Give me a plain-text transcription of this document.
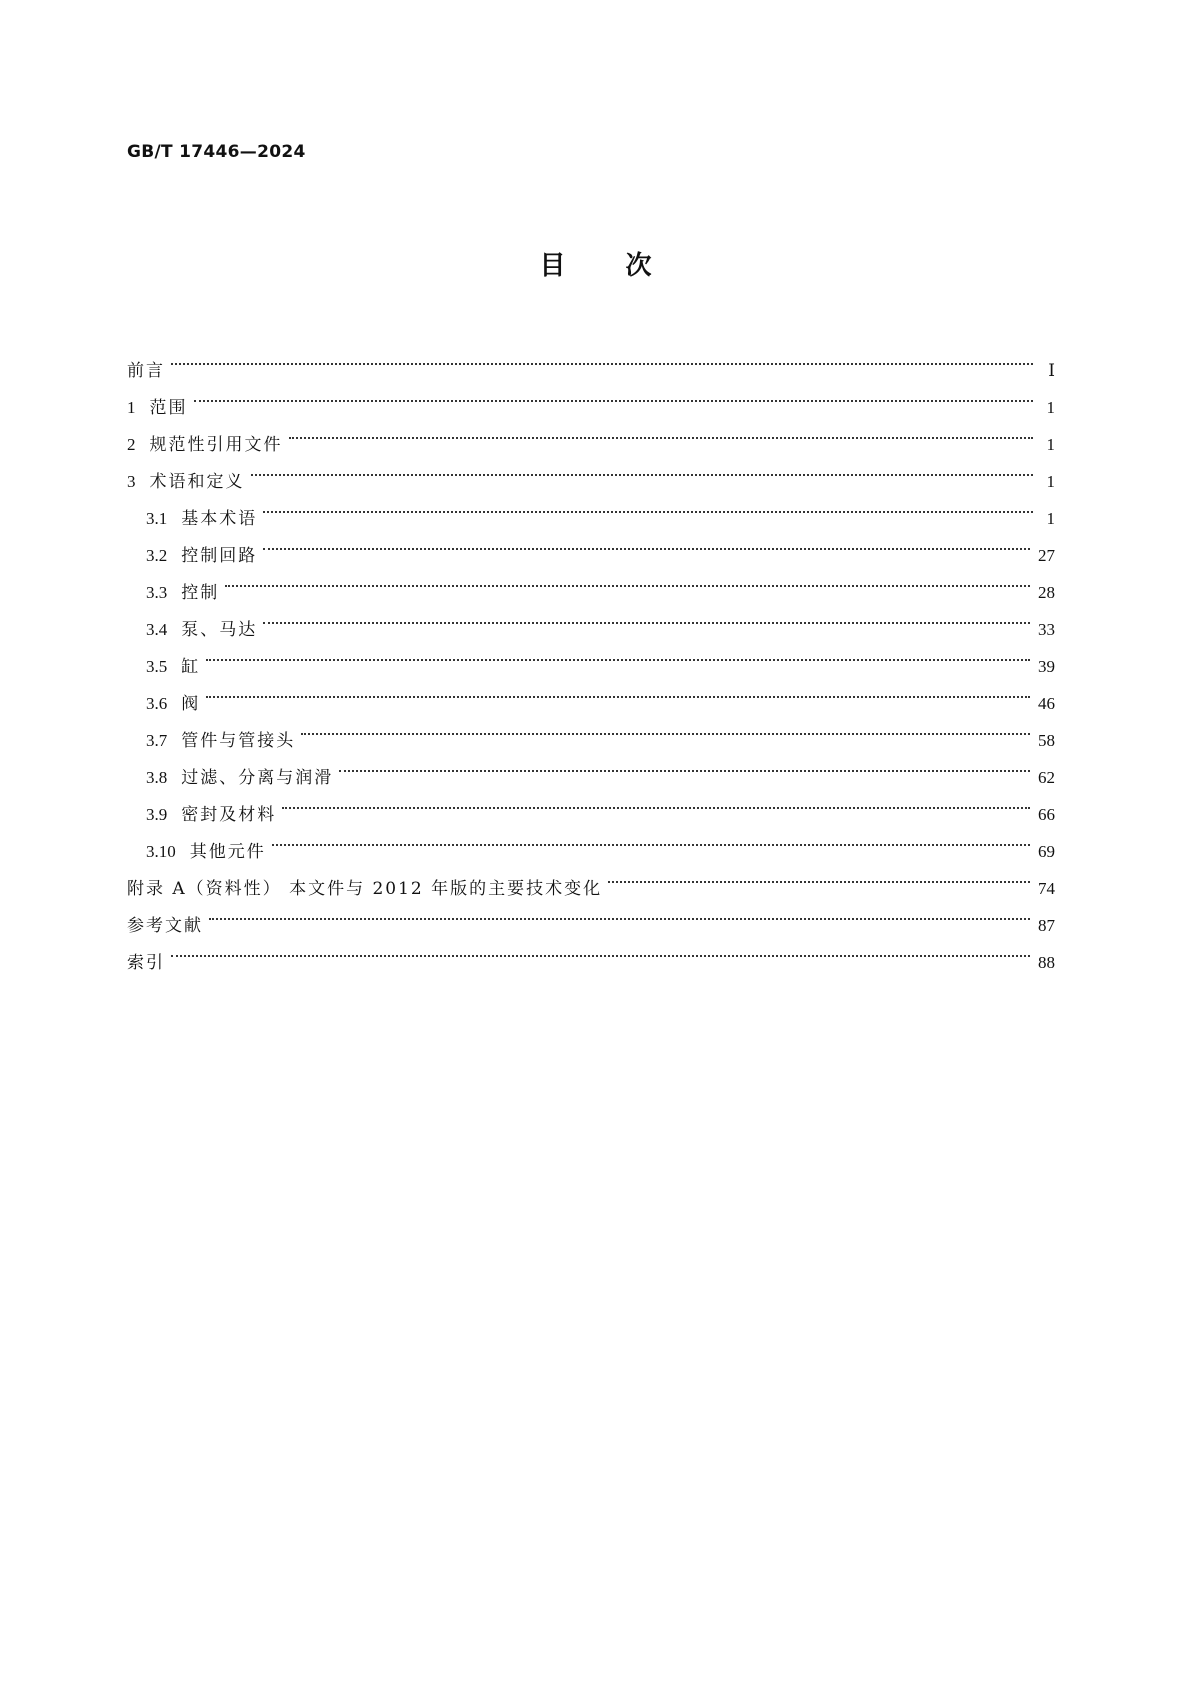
GB/T 17446—2024
目次
前言	Ⅰ
1 范围	1
2 规范性引用文件	1
3 术语和定义	1
3.1 基本术语	1
3.2 控制回路	27
3.3 控制	28
3.4 泵、马达	33
3.5 缸	39
3.6 阀	46
3.7 管件与管接头	58
3.8 过滤、分离与润滑	62
3.9 密封及材料	66
3.10 其他元件	69
附录 A（资料性） 本文件与 2012 年版的主要技术变化	74
参考文献	87
索引	88
